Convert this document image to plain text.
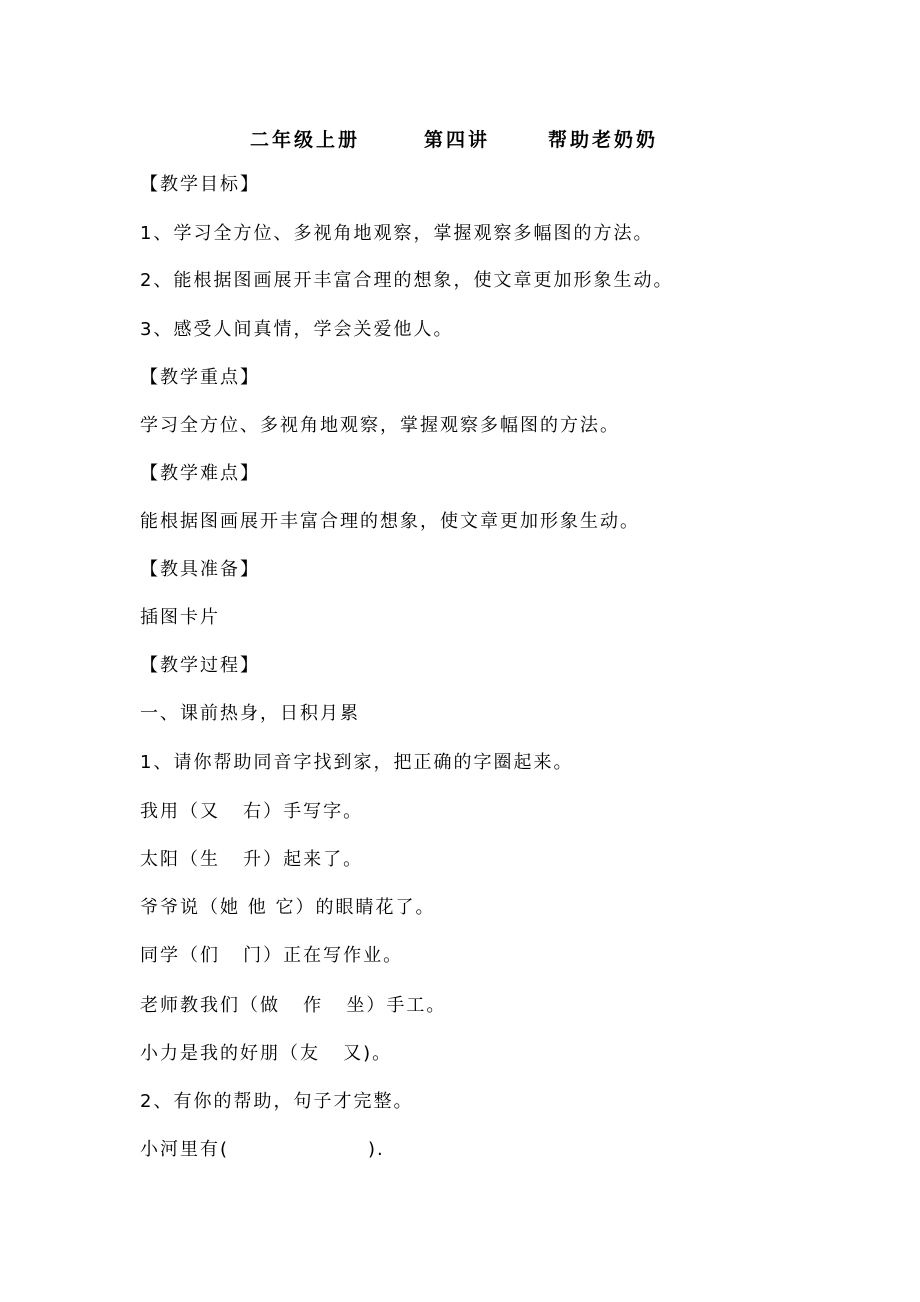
二年级上册	第四讲	帮助老奶奶
【教学目标】
1、学习全方位、多视角地观察，掌握观察多幅图的方法。
2、能根据图画展开丰富合理的想象，使文章更加形象生动。
3、感受人间真情，学会关爱他人。
【教学重点】
学习全方位、多视角地观察，掌握观察多幅图的方法。
【教学难点】
能根据图画展开丰富合理的想象，使文章更加形象生动。
【教具准备】
插图卡片
【教学过程】
一、课前热身，日积月累
1、请你帮助同音字找到家，把正确的字圈起来。
我用（又   右）手写字。
太阳（生   升）起来了。
爷爷说（她 他 它）的眼睛花了。
同学（们   门）正在写作业。
老师教我们（做   作   坐）手工。
小力是我的好朋（友   又)。
2、有你的帮助，句子才完整。
小河里有(                  ).
